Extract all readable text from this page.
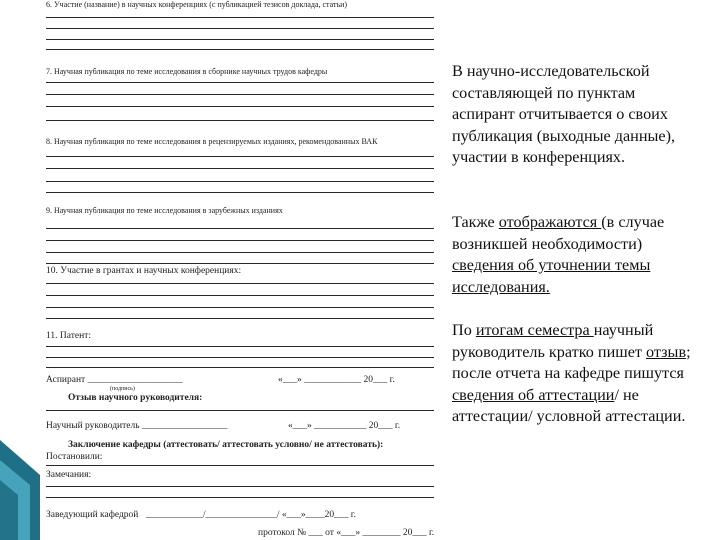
6. Участие (название) в научных конференциях (с публикацией тезисов доклада, статьи)
7. Научная публикация по теме исследования в сборнике научных трудов кафедры
8. Научная публикация по теме исследования в рецензируемых изданиях, рекомендованных ВАК
9. Научная публикация по теме исследования в зарубежных изданиях
10. Участие в грантах и научных конференциях:
11. Патент:
Аспирант ____________________	«___» ____________ 20___ г.
(подпись)
Отзыв научного руководителя:
Научный руководитель __________________	«___» ___________ 20___ г.
Заключение кафедры (аттестовать/ аттестовать условно/ не аттестовать):
Постановили:
Замечания:
Заведующий кафедрой ____________/_______________/ «___»____20___ г.
протокол № ___ от «___» ________ 20___ г.

В научно-исследовательской составляющей по пунктам аспирант отчитывается о своих публикация (выходные данные), участии в конференциях.

Также отображаются (в случае возникшей необходимости) сведения об уточнении темы исследования.

По итогам семестра научный руководитель кратко пишет отзыв; после отчета на кафедре пишутся сведения об аттестации/ не аттестации/ условной аттестации.
